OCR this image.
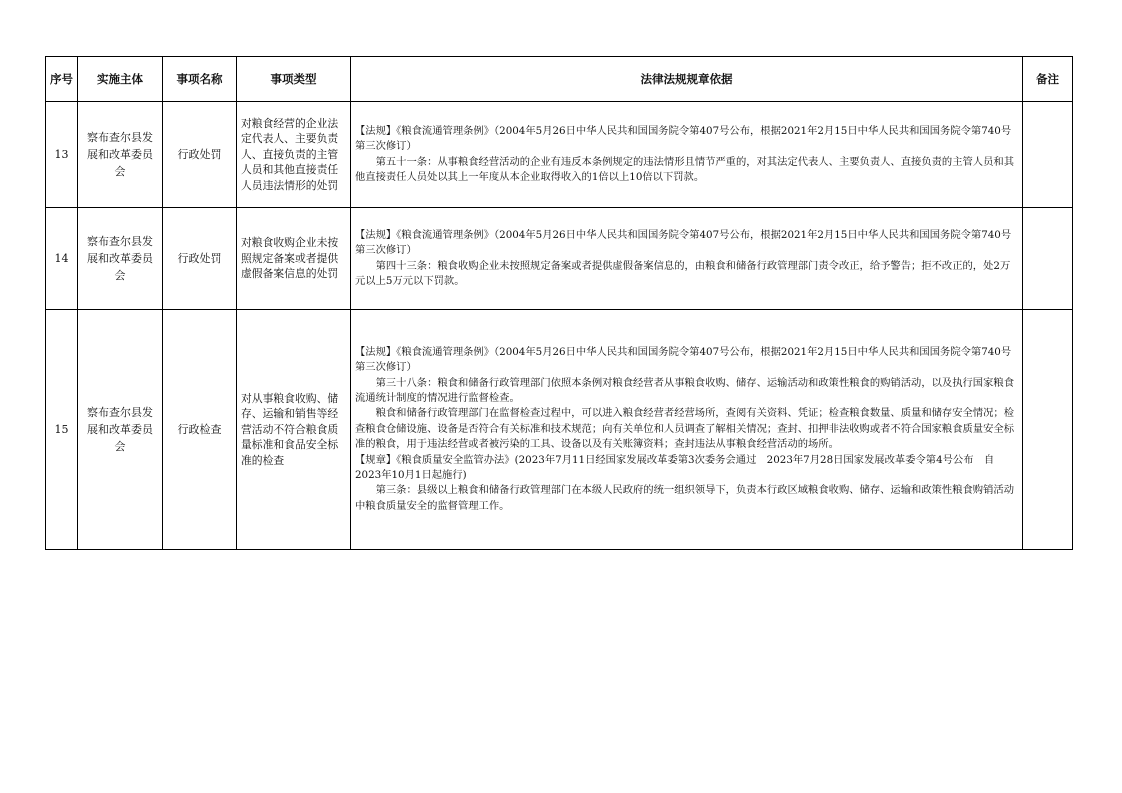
序号	实施主体	事项名称	事项类型	法律法规规章依据	备注

13	察布查尔县发展和改革委员会	行政处罚	对粮食经营的企业法定代表人、主要负责人、直接负责的主管人员和其他直接责任人员违法情形的处罚	【法规】《粮食流通管理条例》（2004年5月26日中华人民共和国国务院令第407号公布，根据2021年2月15日中华人民共和国国务院令第740号第三次修订）

第五十一条：从事粮食经营活动的企业有违反本条例规定的违法情形且情节严重的，对其法定代表人、主要负责人、直接负责的主管人员和其他直接责任人员处以其上一年度从本企业取得收入的1倍以上10倍以下罚款。	

14	察布查尔县发展和改革委员会	行政处罚	对粮食收购企业未按照规定备案或者提供虚假备案信息的处罚	【法规】《粮食流通管理条例》（2004年5月26日中华人民共和国国务院令第407号公布，根据2021年2月15日中华人民共和国国务院令第740号第三次修订）

第四十三条：粮食收购企业未按照规定备案或者提供虚假备案信息的，由粮食和储备行政管理部门责令改正，给予警告；拒不改正的，处2万元以上5万元以下罚款。	

15	察布查尔县发展和改革委员会	行政检查	对从事粮食收购、储存、运输和销售等经营活动不符合粮食质量标准和食品安全标准的检查	【法规】《粮食流通管理条例》（2004年5月26日中华人民共和国国务院令第407号公布，根据2021年2月15日中华人民共和国国务院令第740号第三次修订）

第三十八条：粮食和储备行政管理部门依照本条例对粮食经营者从事粮食收购、储存、运输活动和政策性粮食的购销活动，以及执行国家粮食流通统计制度的情况进行监督检查。

粮食和储备行政管理部门在监督检查过程中，可以进入粮食经营者经营场所，查阅有关资料、凭证；检查粮食数量、质量和储存安全情况；检查粮食仓储设施、设备是否符合有关标准和技术规范；向有关单位和人员调查了解相关情况；查封、扣押非法收购或者不符合国家粮食质量安全标准的粮食，用于违法经营或者被污染的工具、设备以及有关账簿资料；查封违法从事粮食经营活动的场所。

【规章】《粮食质量安全监管办法》(2023年7月11日经国家发展改革委第3次委务会通过　2023年7月28日国家发展改革委令第4号公布　自2023年10月1日起施行)

第三条：县级以上粮食和储备行政管理部门在本级人民政府的统一组织领导下，负责本行政区域粮食收购、储存、运输和政策性粮食购销活动中粮食质量安全的监督管理工作。	
